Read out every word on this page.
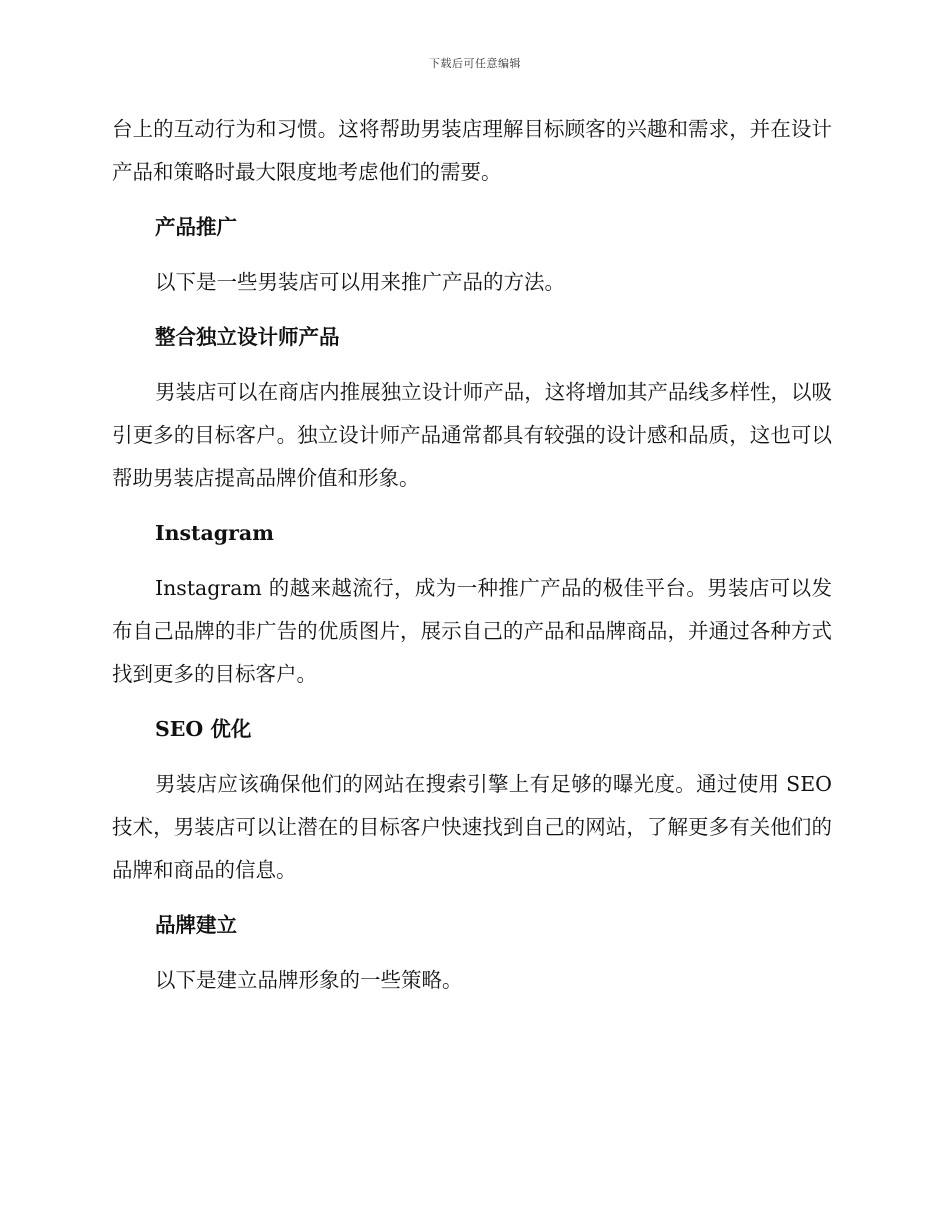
下载后可任意编辑

台上的互动行为和习惯。这将帮助男装店理解目标顾客的兴趣和需求，并在设计产品和策略时最大限度地考虑他们的需要。

产品推广

以下是一些男装店可以用来推广产品的方法。

整合独立设计师产品

男装店可以在商店内推展独立设计师产品，这将增加其产品线多样性，以吸引更多的目标客户。独立设计师产品通常都具有较强的设计感和品质，这也可以帮助男装店提高品牌价值和形象。

Instagram

Instagram 的越来越流行，成为一种推广产品的极佳平台。男装店可以发布自己品牌的非广告的优质图片，展示自己的产品和品牌商品，并通过各种方式找到更多的目标客户。

SEO 优化

男装店应该确保他们的网站在搜索引擎上有足够的曝光度。通过使用 SEO 技术，男装店可以让潜在的目标客户快速找到自己的网站，了解更多有关他们的品牌和商品的信息。

品牌建立

以下是建立品牌形象的一些策略。
